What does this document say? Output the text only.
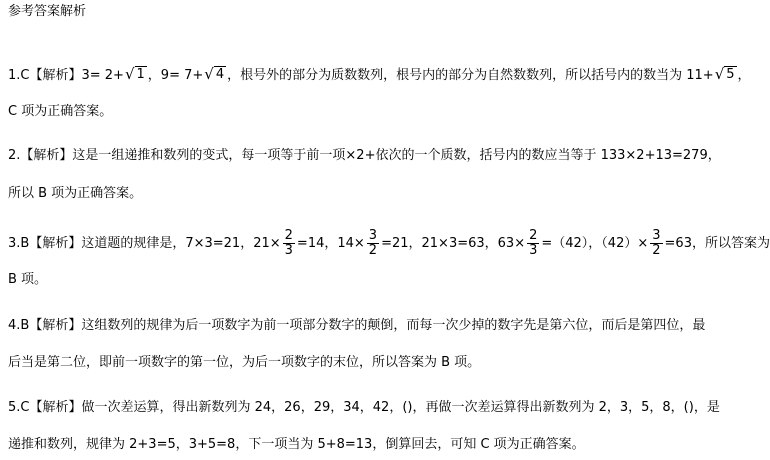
参考答案解析
1.C【解析】3= 2+ √ 1 ，9= 7+ √ 4 ，根号外的部分为质数数列，根号内的部分为自然数数列，所以括号内的数当为 11+ √ 5 ，
C 项为正确答案。
2.【解析】这是一组递推和数列的变式，每一项等于前一项×2+依次的一个质数，括号内的数应当等于 133×2+13=279，
所以 B 项为正确答案。
3.B【解析】这道题的规律是，7×3=21，$21\times \frac{2}{3} =14$，$14\times \frac{3}{2} =21$，21×3=63，$63\times \frac{2}{3} =(42)$，$(42)\times \frac{3}{2} =63$，所以答案为
B 项。
4.B【解析】这组数列的规律为后一项数字为前一项部分数字的颠倒，而每一次少掉的数字先是第六位，而后是第四位，最
后当是第二位，即前一项数字的第一位，为后一项数字的末位，所以答案为 B 项。
5.C【解析】做一次差运算，得出新数列为 24，26，29，34，42，()，再做一次差运算得出新数列为 2，3，5，8，()，是
递推和数列，规律为 2+3=5，3+5=8，下一项当为 5+8=13，倒算回去，可知 C 项为正确答案。
